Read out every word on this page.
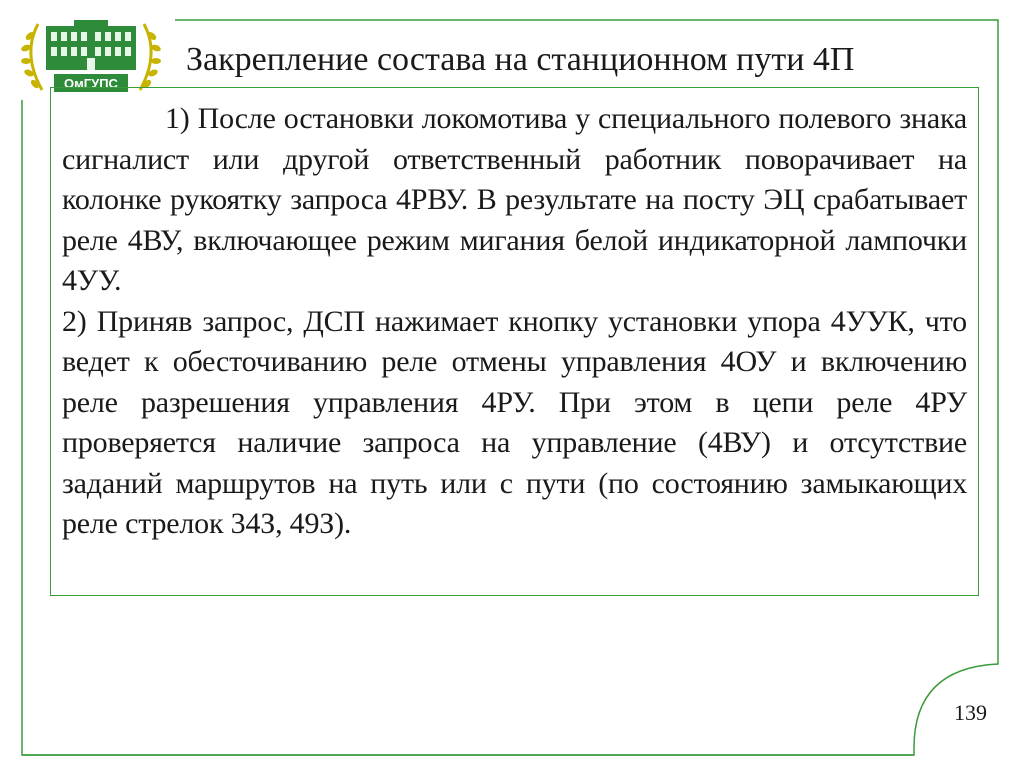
ОмГУПС
Закрепление состава на станционном пути 4П

1) После остановки локомотива у специального полевого знака сигналист или другой ответственный работник поворачивает на колонке рукоятку запроса 4РВУ. В результате на посту ЭЦ срабатывает реле 4ВУ, включающее режим мигания белой индикаторной лампочки 4УУ.

2) Приняв запрос, ДСП нажимает кнопку установки упора 4УУК, что ведет к обесточиванию реле отмены управления 4ОУ и включению реле разрешения управления 4РУ. При этом в цепи реле 4РУ проверяется наличие запроса на управление (4ВУ) и отсутствие заданий маршрутов на путь или с пути (по состоянию замыкающих реле стрелок 34З, 49З).

139
